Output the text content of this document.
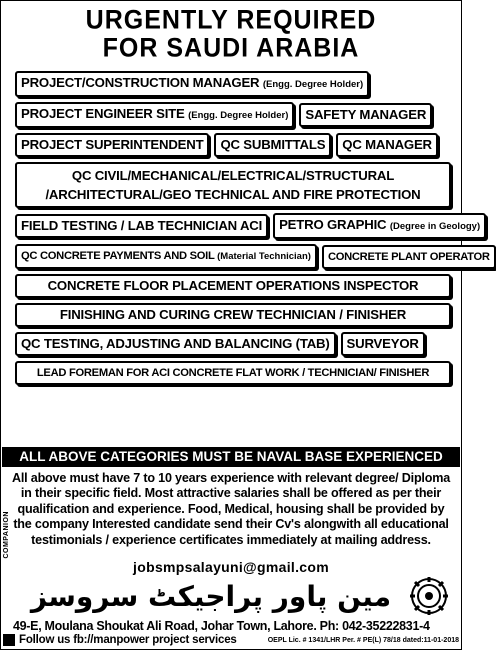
URGENTLY REQUIRED
FOR SAUDI ARABIA
PROJECT/CONSTRUCTION MANAGER (Engg. Degree Holder)
PROJECT ENGINEER SITE (Engg. Degree Holder)	SAFETY MANAGER
PROJECT SUPERINTENDENT	QC SUBMITTALS	QC MANAGER
QC CIVIL/MECHANICAL/ELECTRICAL/STRUCTURAL
/ARCHITECTURAL/GEO TECHNICAL AND FIRE PROTECTION
FIELD TESTING / LAB TECHNICIAN ACI	PETRO GRAPHIC (Degree in Geology)
QC CONCRETE PAYMENTS AND SOIL (Material Technician)	CONCRETE PLANT OPERATOR
CONCRETE FLOOR PLACEMENT OPERATIONS INSPECTOR
FINISHING AND CURING CREW TECHNICIAN / FINISHER
QC TESTING, ADJUSTING AND BALANCING (TAB)	SURVEYOR
LEAD FOREMAN FOR ACI CONCRETE FLAT WORK / TECHNICIAN/ FINISHER
ALL ABOVE CATEGORIES MUST BE NAVAL BASE EXPERIENCED
All above must have 7 to 10 years experience with relevant degree/ Diploma in their specific field. Most attractive salaries shall be offered as per their qualification and experience. Food, Medical, housing shall be provided by the company Interested candidate send their Cv's alongwith all educational testimonials / experience certificates immediately at mailing address.
COMPANION
jobsmpsalayuni@gmail.com
مین پاور پراجیکٹ سروسز
49-E, Moulana Shoukat Ali Road, Johar Town, Lahore. Ph: 042-35222831-4
Follow us fb://manpower project services	OEPL Lic. # 1341/LHR Per. # PE(L) 78/18 dated:11-01-2018
